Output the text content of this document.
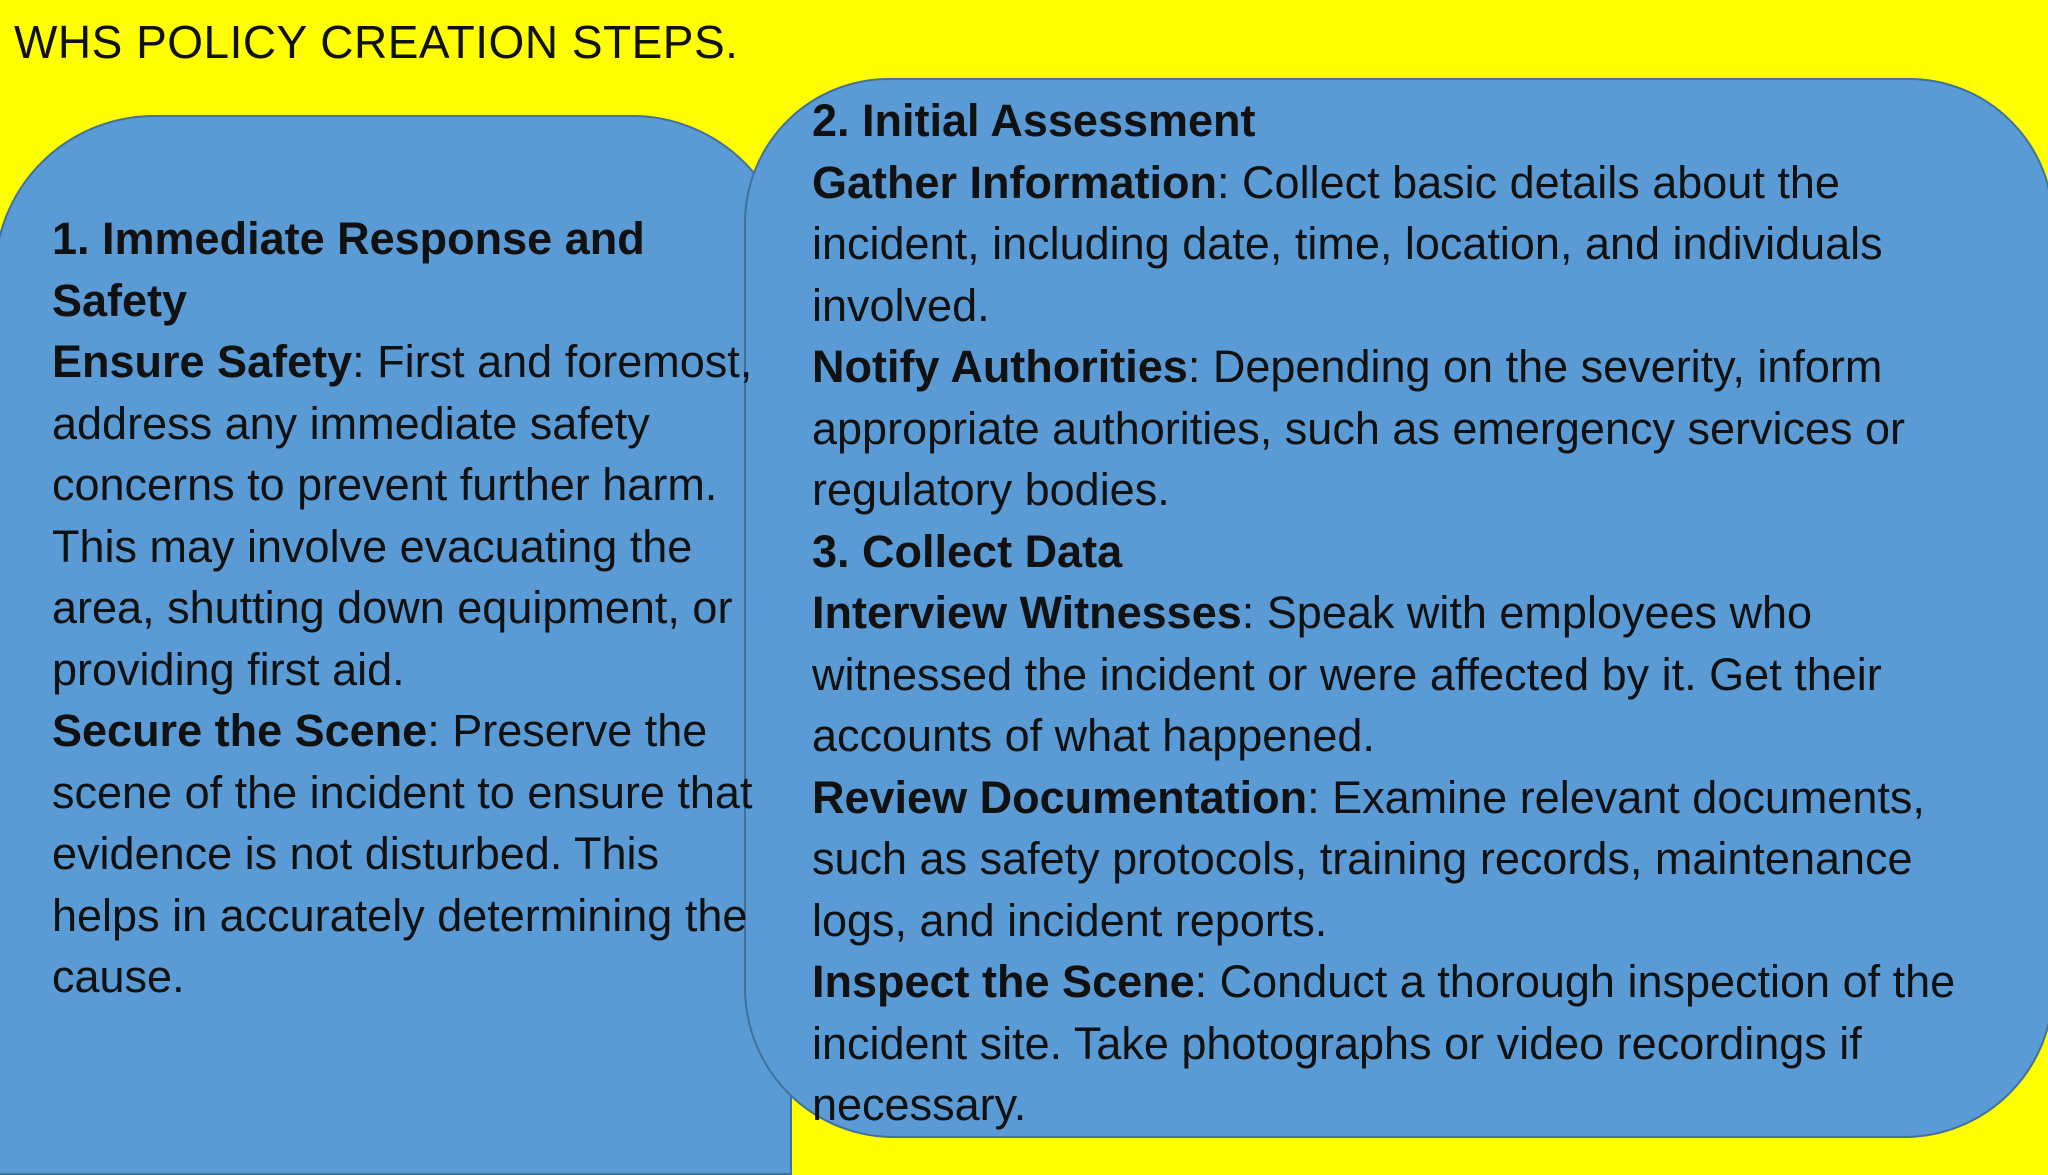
WHS POLICY CREATION STEPS.

1. Immediate Response and Safety

Ensure Safety: First and foremost, address any immediate safety concerns to prevent further harm. This may involve evacuating the area, shutting down equipment, or providing first aid.

Secure the Scene: Preserve the scene of the incident to ensure that evidence is not disturbed. This helps in accurately determining the cause.

2. Initial Assessment

Gather Information: Collect basic details about the incident, including date, time, location, and individuals involved.

Notify Authorities: Depending on the severity, inform appropriate authorities, such as emergency services or regulatory bodies.

3. Collect Data

Interview Witnesses: Speak with employees who witnessed the incident or were affected by it. Get their accounts of what happened.

Review Documentation: Examine relevant documents, such as safety protocols, training records, maintenance logs, and incident reports.

Inspect the Scene: Conduct a thorough inspection of the incident site. Take photographs or video recordings if necessary.
